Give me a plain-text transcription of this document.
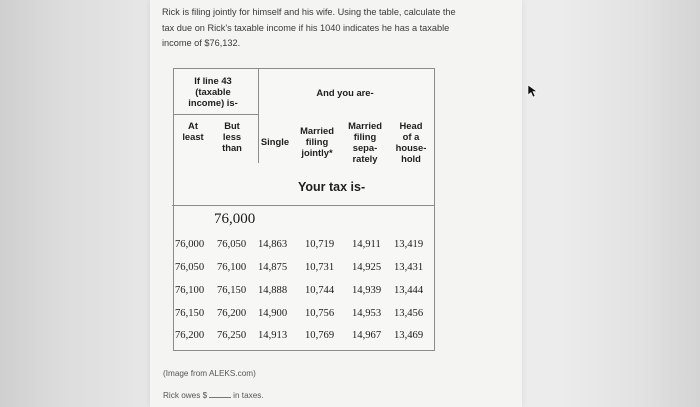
Rick is filing jointly for himself and his wife. Using the table, calculate the
tax due on Rick's taxable income if his 1040 indicates he has a taxable
income of $76,132.
If line 43
(taxable
income) is-
At
least
But
less
than
And you are-
Single
Married
filing
jointly*
Married
filing
sepa-
rately
Head
of a
house-
hold
Your tax is-
76,000
76,000 76,050 14,863 10,719 14,911 13,419
76,050 76,100 14,875 10,731 14,925 13,431
76,100 76,150 14,888 10,744 14,939 13,444
76,150 76,200 14,900 10,756 14,953 13,456
76,200 76,250 14,913 10,769 14,967 13,469
(Image from ALEKS.com)
Rick owes $	in taxes.
